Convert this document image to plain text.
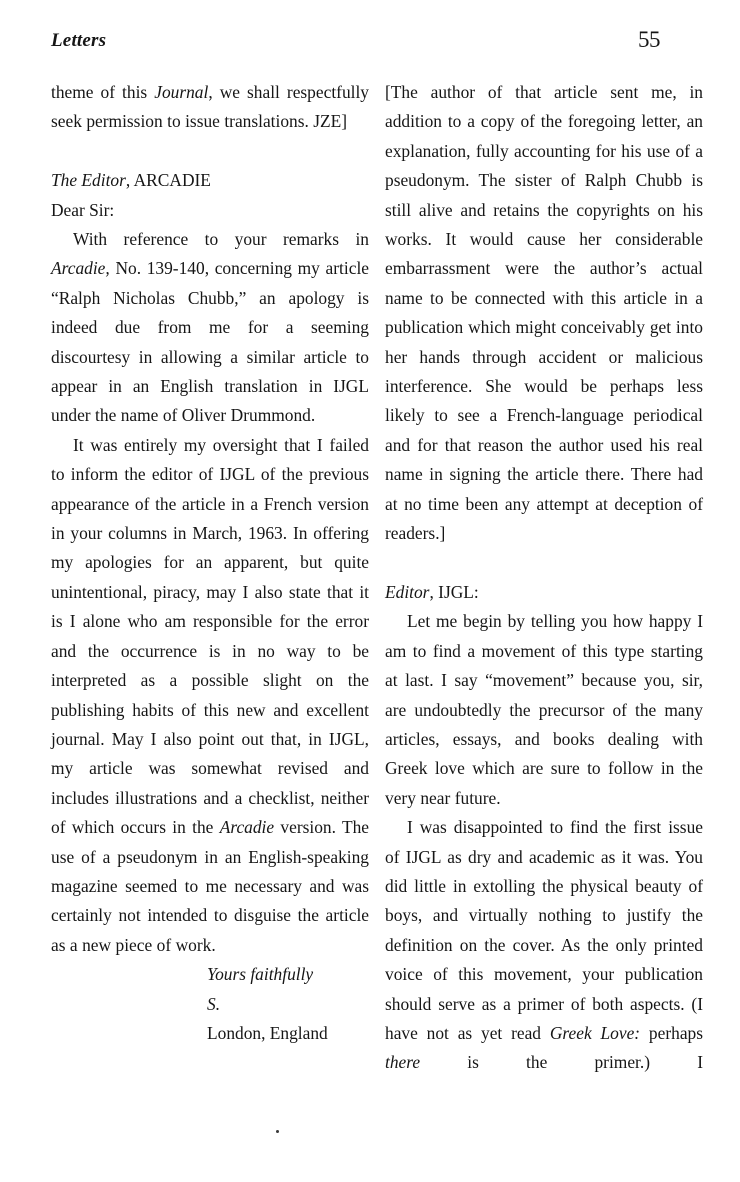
Letters	55

theme of this Journal, we shall respectfully seek permission to issue translations. JZE]

The Editor, ARCADIE

Dear Sir:

With reference to your remarks in Arcadie, No. 139-140, concerning my article “Ralph Nicholas Chubb,” an apology is indeed due from me for a seeming discourtesy in allowing a similar article to appear in an English translation in IJGL under the name of Oliver Drummond.

It was entirely my oversight that I failed to inform the editor of IJGL of the previous appearance of the article in a French version in your columns in March, 1963. In offering my apologies for an apparent, but quite unintentional, piracy, may I also state that it is I alone who am responsible for the error and the occurrence is in no way to be interpreted as a possible slight on the publishing habits of this new and excellent journal. May I also point out that, in IJGL, my article was somewhat revised and includes illustrations and a checklist, neither of which occurs in the Arcadie version. The use of a pseudonym in an English-speaking magazine seemed to me necessary and was certainly not intended to disguise the article as a new piece of work.

Yours faithfully

S.

London, England

[The author of that article sent me, in addition to a copy of the foregoing letter, an explanation, fully accounting for his use of a pseudonym. The sister of Ralph Chubb is still alive and retains the copyrights on his works. It would cause her considerable embarrassment were the author’s actual name to be connected with this article in a publication which might conceivably get into her hands through accident or malicious interference. She would be perhaps less likely to see a French-language periodical and for that reason the author used his real name in signing the article there. There had at no time been any attempt at deception of readers.]

Editor, IJGL:

Let me begin by telling you how happy I am to find a movement of this type starting at last. I say “movement” because you, sir, are undoubtedly the precursor of the many articles, essays, and books dealing with Greek love which are sure to follow in the very near future.

I was disappointed to find the first issue of IJGL as dry and academic as it was. You did little in extolling the physical beauty of boys, and virtually nothing to justify the definition on the cover. As the only printed voice of this movement, your publication should serve as a primer of both aspects. (I have not as yet read Greek Love: perhaps there is the primer.) I
